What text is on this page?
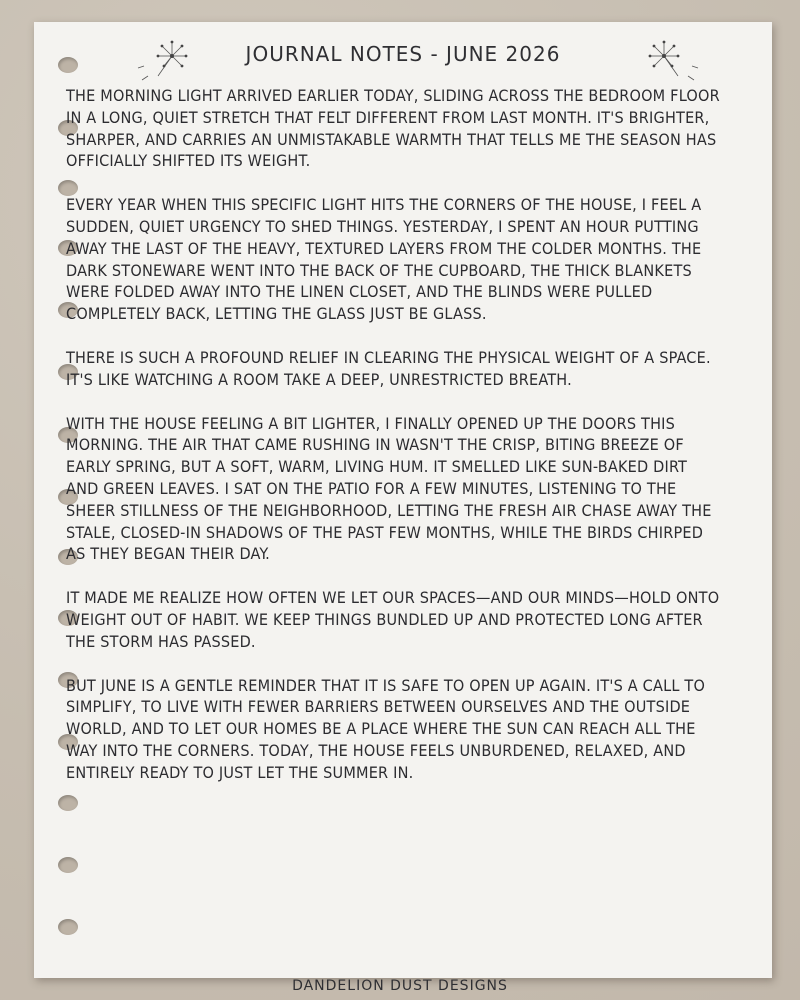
JOURNAL NOTES - JUNE 2026

THE MORNING LIGHT ARRIVED EARLIER TODAY, SLIDING ACROSS THE BEDROOM FLOOR IN A LONG, QUIET STRETCH THAT FELT DIFFERENT FROM LAST MONTH. IT'S BRIGHTER, SHARPER, AND CARRIES AN UNMISTAKABLE WARMTH THAT TELLS ME THE SEASON HAS OFFICIALLY SHIFTED ITS WEIGHT.

EVERY YEAR WHEN THIS SPECIFIC LIGHT HITS THE CORNERS OF THE HOUSE, I FEEL A SUDDEN, QUIET URGENCY TO SHED THINGS. YESTERDAY, I SPENT AN HOUR PUTTING AWAY THE LAST OF THE HEAVY, TEXTURED LAYERS FROM THE COLDER MONTHS. THE DARK STONEWARE WENT INTO THE BACK OF THE CUPBOARD, THE THICK BLANKETS WERE FOLDED AWAY INTO THE LINEN CLOSET, AND THE BLINDS WERE PULLED COMPLETELY BACK, LETTING THE GLASS JUST BE GLASS.

THERE IS SUCH A PROFOUND RELIEF IN CLEARING THE PHYSICAL WEIGHT OF A SPACE. IT'S LIKE WATCHING A ROOM TAKE A DEEP, UNRESTRICTED BREATH.

WITH THE HOUSE FEELING A BIT LIGHTER, I FINALLY OPENED UP THE DOORS THIS MORNING. THE AIR THAT CAME RUSHING IN WASN'T THE CRISP, BITING BREEZE OF EARLY SPRING, BUT A SOFT, WARM, LIVING HUM. IT SMELLED LIKE SUN-BAKED DIRT AND GREEN LEAVES. I SAT ON THE PATIO FOR A FEW MINUTES, LISTENING TO THE SHEER STILLNESS OF THE NEIGHBORHOOD, LETTING THE FRESH AIR CHASE AWAY THE STALE, CLOSED-IN SHADOWS OF THE PAST FEW MONTHS, WHILE THE BIRDS CHIRPED AS THEY BEGAN THEIR DAY.

IT MADE ME REALIZE HOW OFTEN WE LET OUR SPACES—AND OUR MINDS—HOLD ONTO WEIGHT OUT OF HABIT. WE KEEP THINGS BUNDLED UP AND PROTECTED LONG AFTER THE STORM HAS PASSED.

BUT JUNE IS A GENTLE REMINDER THAT IT IS SAFE TO OPEN UP AGAIN. IT'S A CALL TO SIMPLIFY, TO LIVE WITH FEWER BARRIERS BETWEEN OURSELVES AND THE OUTSIDE WORLD, AND TO LET OUR HOMES BE A PLACE WHERE THE SUN CAN REACH ALL THE WAY INTO THE CORNERS. TODAY, THE HOUSE FEELS UNBURDENED, RELAXED, AND ENTIRELY READY TO JUST LET THE SUMMER IN.

DANDELION DUST DESIGNS
